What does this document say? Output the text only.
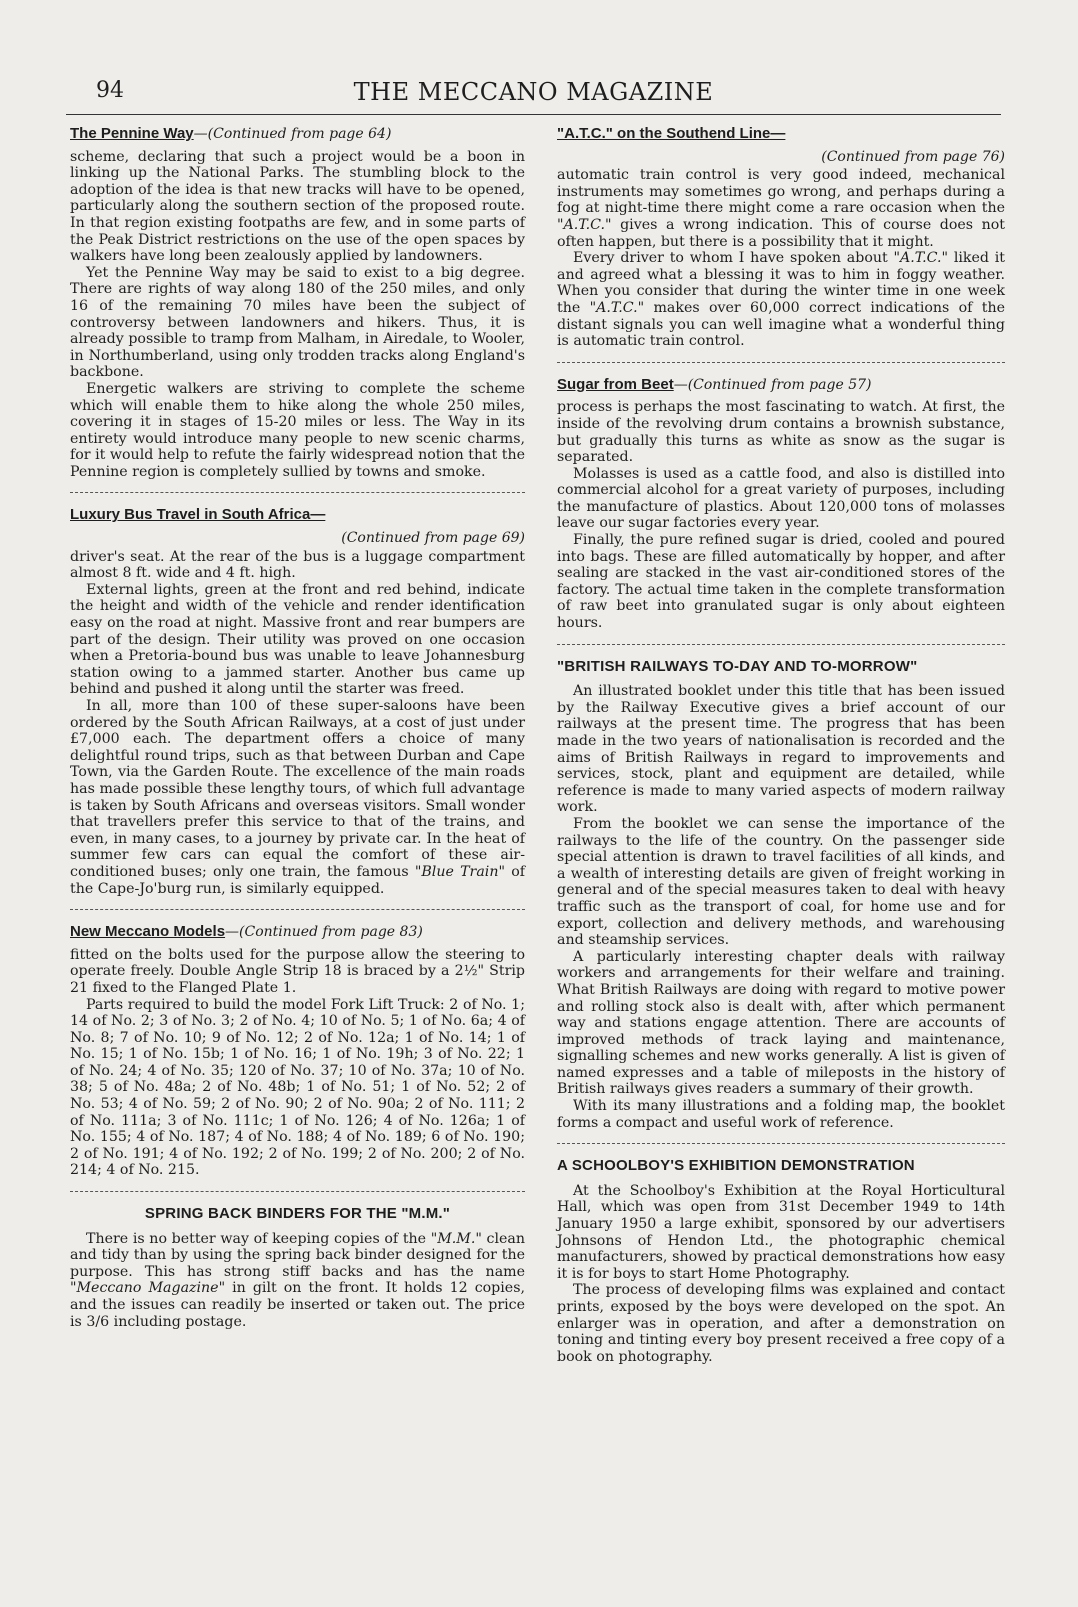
94	THE MECCANO MAGAZINE
The Pennine Way—(Continued from page 64)

scheme, declaring that such a project would be a boon in linking up the National Parks. The stumbling block to the adoption of the idea is that new tracks will have to be opened, particularly along the southern section of the proposed route. In that region existing footpaths are few, and in some parts of the Peak District restrictions on the use of the open spaces by walkers have long been zealously applied by landowners.

Yet the Pennine Way may be said to exist to a big degree. There are rights of way along 180 of the 250 miles, and only 16 of the remaining 70 miles have been the subject of controversy between landowners and hikers. Thus, it is already possible to tramp from Malham, in Airedale, to Wooler, in Northumberland, using only trodden tracks along England's backbone.

Energetic walkers are striving to complete the scheme which will enable them to hike along the whole 250 miles, covering it in stages of 15-20 miles or less. The Way in its entirety would introduce many people to new scenic charms, for it would help to refute the fairly widespread notion that the Pennine region is completely sullied by towns and smoke.

Luxury Bus Travel in South Africa—
(Continued from page 69)

driver's seat. At the rear of the bus is a luggage compartment almost 8 ft. wide and 4 ft. high.

External lights, green at the front and red behind, indicate the height and width of the vehicle and render identification easy on the road at night. Massive front and rear bumpers are part of the design. Their utility was proved on one occasion when a Pretoria-bound bus was unable to leave Johannesburg station owing to a jammed starter. Another bus came up behind and pushed it along until the starter was freed.

In all, more than 100 of these super-saloons have been ordered by the South African Railways, at a cost of just under £7,000 each. The department offers a choice of many delightful round trips, such as that between Durban and Cape Town, via the Garden Route. The excellence of the main roads has made possible these lengthy tours, of which full advantage is taken by South Africans and overseas visitors. Small wonder that travellers prefer this service to that of the trains, and even, in many cases, to a journey by private car. In the heat of summer few cars can equal the comfort of these air-conditioned buses; only one train, the famous "Blue Train" of the Cape-Jo'burg run, is similarly equipped.

New Meccano Models—(Continued from page 83)

fitted on the bolts used for the purpose allow the steering to operate freely. Double Angle Strip 18 is braced by a 2½" Strip 21 fixed to the Flanged Plate 1.

Parts required to build the model Fork Lift Truck: 2 of No. 1; 14 of No. 2; 3 of No. 3; 2 of No. 4; 10 of No. 5; 1 of No. 6a; 4 of No. 8; 7 of No. 10; 9 of No. 12; 2 of No. 12a; 1 of No. 14; 1 of No. 15; 1 of No. 15b; 1 of No. 16; 1 of No. 19h; 3 of No. 22; 1 of No. 24; 4 of No. 35; 120 of No. 37; 10 of No. 37a; 10 of No. 38; 5 of No. 48a; 2 of No. 48b; 1 of No. 51; 1 of No. 52; 2 of No. 53; 4 of No. 59; 2 of No. 90; 2 of No. 90a; 2 of No. 111; 2 of No. 111a; 3 of No. 111c; 1 of No. 126; 4 of No. 126a; 1 of No. 155; 4 of No. 187; 4 of No. 188; 4 of No. 189; 6 of No. 190; 2 of No. 191; 4 of No. 192; 2 of No. 199; 2 of No. 200; 2 of No. 214; 4 of No. 215.

SPRING BACK BINDERS FOR THE "M.M."

There is no better way of keeping copies of the "M.M." clean and tidy than by using the spring back binder designed for the purpose. This has strong stiff backs and has the name "Meccano Magazine" in gilt on the front. It holds 12 copies, and the issues can readily be inserted or taken out. The price is 3/6 including postage.

"A.T.C." on the Southend Line—
(Continued from page 76)

automatic train control is very good indeed, mechanical instruments may sometimes go wrong, and perhaps during a fog at night-time there might come a rare occasion when the "A.T.C." gives a wrong indication. This of course does not often happen, but there is a possibility that it might.

Every driver to whom I have spoken about "A.T.C." liked it and agreed what a blessing it was to him in foggy weather. When you consider that during the winter time in one week the "A.T.C." makes over 60,000 correct indications of the distant signals you can well imagine what a wonderful thing is automatic train control.

Sugar from Beet—(Continued from page 57)

process is perhaps the most fascinating to watch. At first, the inside of the revolving drum contains a brownish substance, but gradually this turns as white as snow as the sugar is separated.

Molasses is used as a cattle food, and also is distilled into commercial alcohol for a great variety of purposes, including the manufacture of plastics. About 120,000 tons of molasses leave our sugar factories every year.

Finally, the pure refined sugar is dried, cooled and poured into bags. These are filled automatically by hopper, and after sealing are stacked in the vast air-conditioned stores of the factory. The actual time taken in the complete transformation of raw beet into granulated sugar is only about eighteen hours.

"BRITISH RAILWAYS TO-DAY AND TO-MORROW"

An illustrated booklet under this title that has been issued by the Railway Executive gives a brief account of our railways at the present time. The progress that has been made in the two years of nationalisation is recorded and the aims of British Railways in regard to improvements and services, stock, plant and equipment are detailed, while reference is made to many varied aspects of modern railway work.

From the booklet we can sense the importance of the railways to the life of the country. On the passenger side special attention is drawn to travel facilities of all kinds, and a wealth of interesting details are given of freight working in general and of the special measures taken to deal with heavy traffic such as the transport of coal, for home use and for export, collection and delivery methods, and warehousing and steamship services.

A particularly interesting chapter deals with railway workers and arrangements for their welfare and training. What British Railways are doing with regard to motive power and rolling stock also is dealt with, after which permanent way and stations engage attention. There are accounts of improved methods of track laying and maintenance, signalling schemes and new works generally. A list is given of named expresses and a table of mileposts in the history of British railways gives readers a summary of their growth.

With its many illustrations and a folding map, the booklet forms a compact and useful work of reference.

A SCHOOLBOY'S EXHIBITION DEMONSTRATION

At the Schoolboy's Exhibition at the Royal Horticultural Hall, which was open from 31st December 1949 to 14th January 1950 a large exhibit, sponsored by our advertisers Johnsons of Hendon Ltd., the photographic chemical manufacturers, showed by practical demonstrations how easy it is for boys to start Home Photography.

The process of developing films was explained and contact prints, exposed by the boys were developed on the spot. An enlarger was in operation, and after a demonstration on toning and tinting every boy present received a free copy of a book on photography.
